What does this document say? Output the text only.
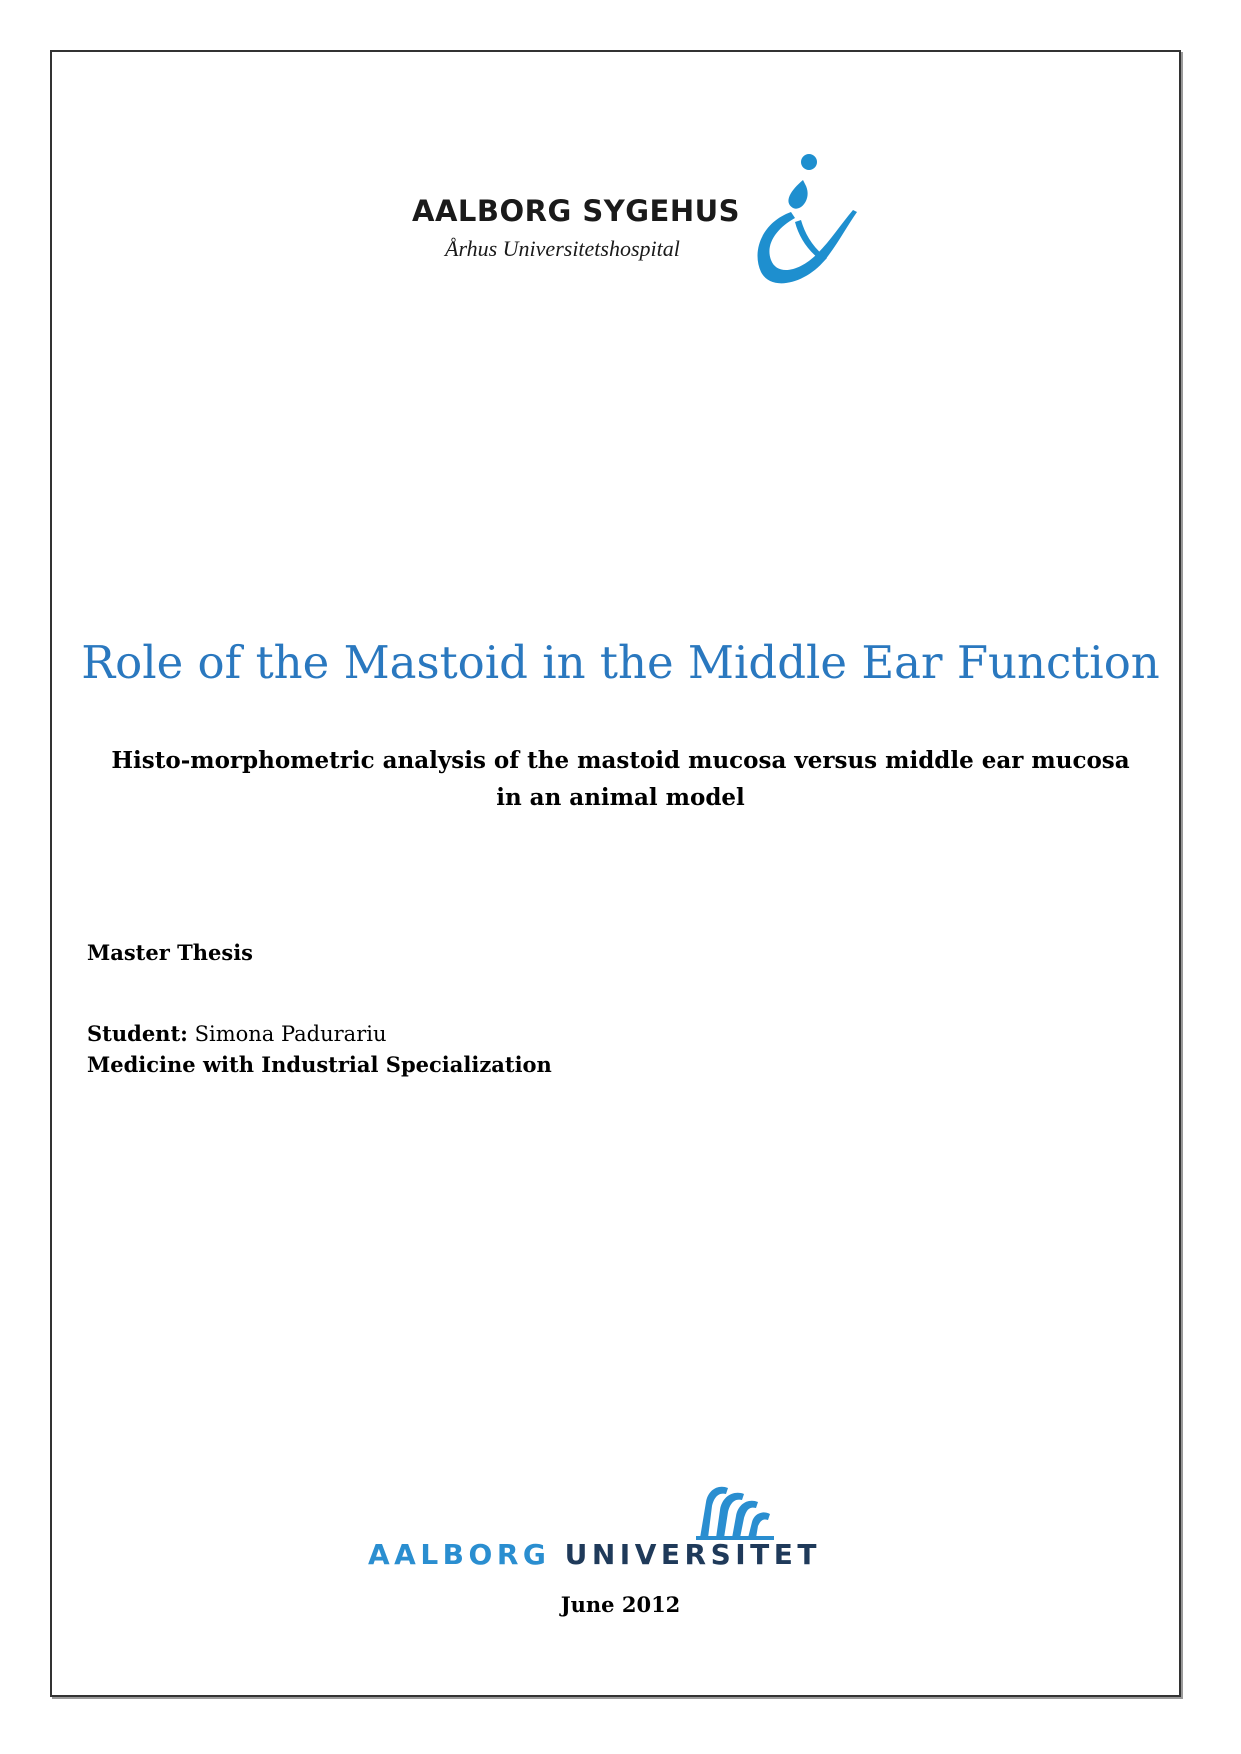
AALBORG SYGEHUS
Århus Universitetshospital
Role of the Mastoid in the Middle Ear Function
Histo-morphometric analysis of the mastoid mucosa versus middle ear mucosa
in an animal model
Master Thesis
Student: Simona Padurariu
Medicine with Industrial Specialization
AALBORG UNIVERSITET
June 2012
